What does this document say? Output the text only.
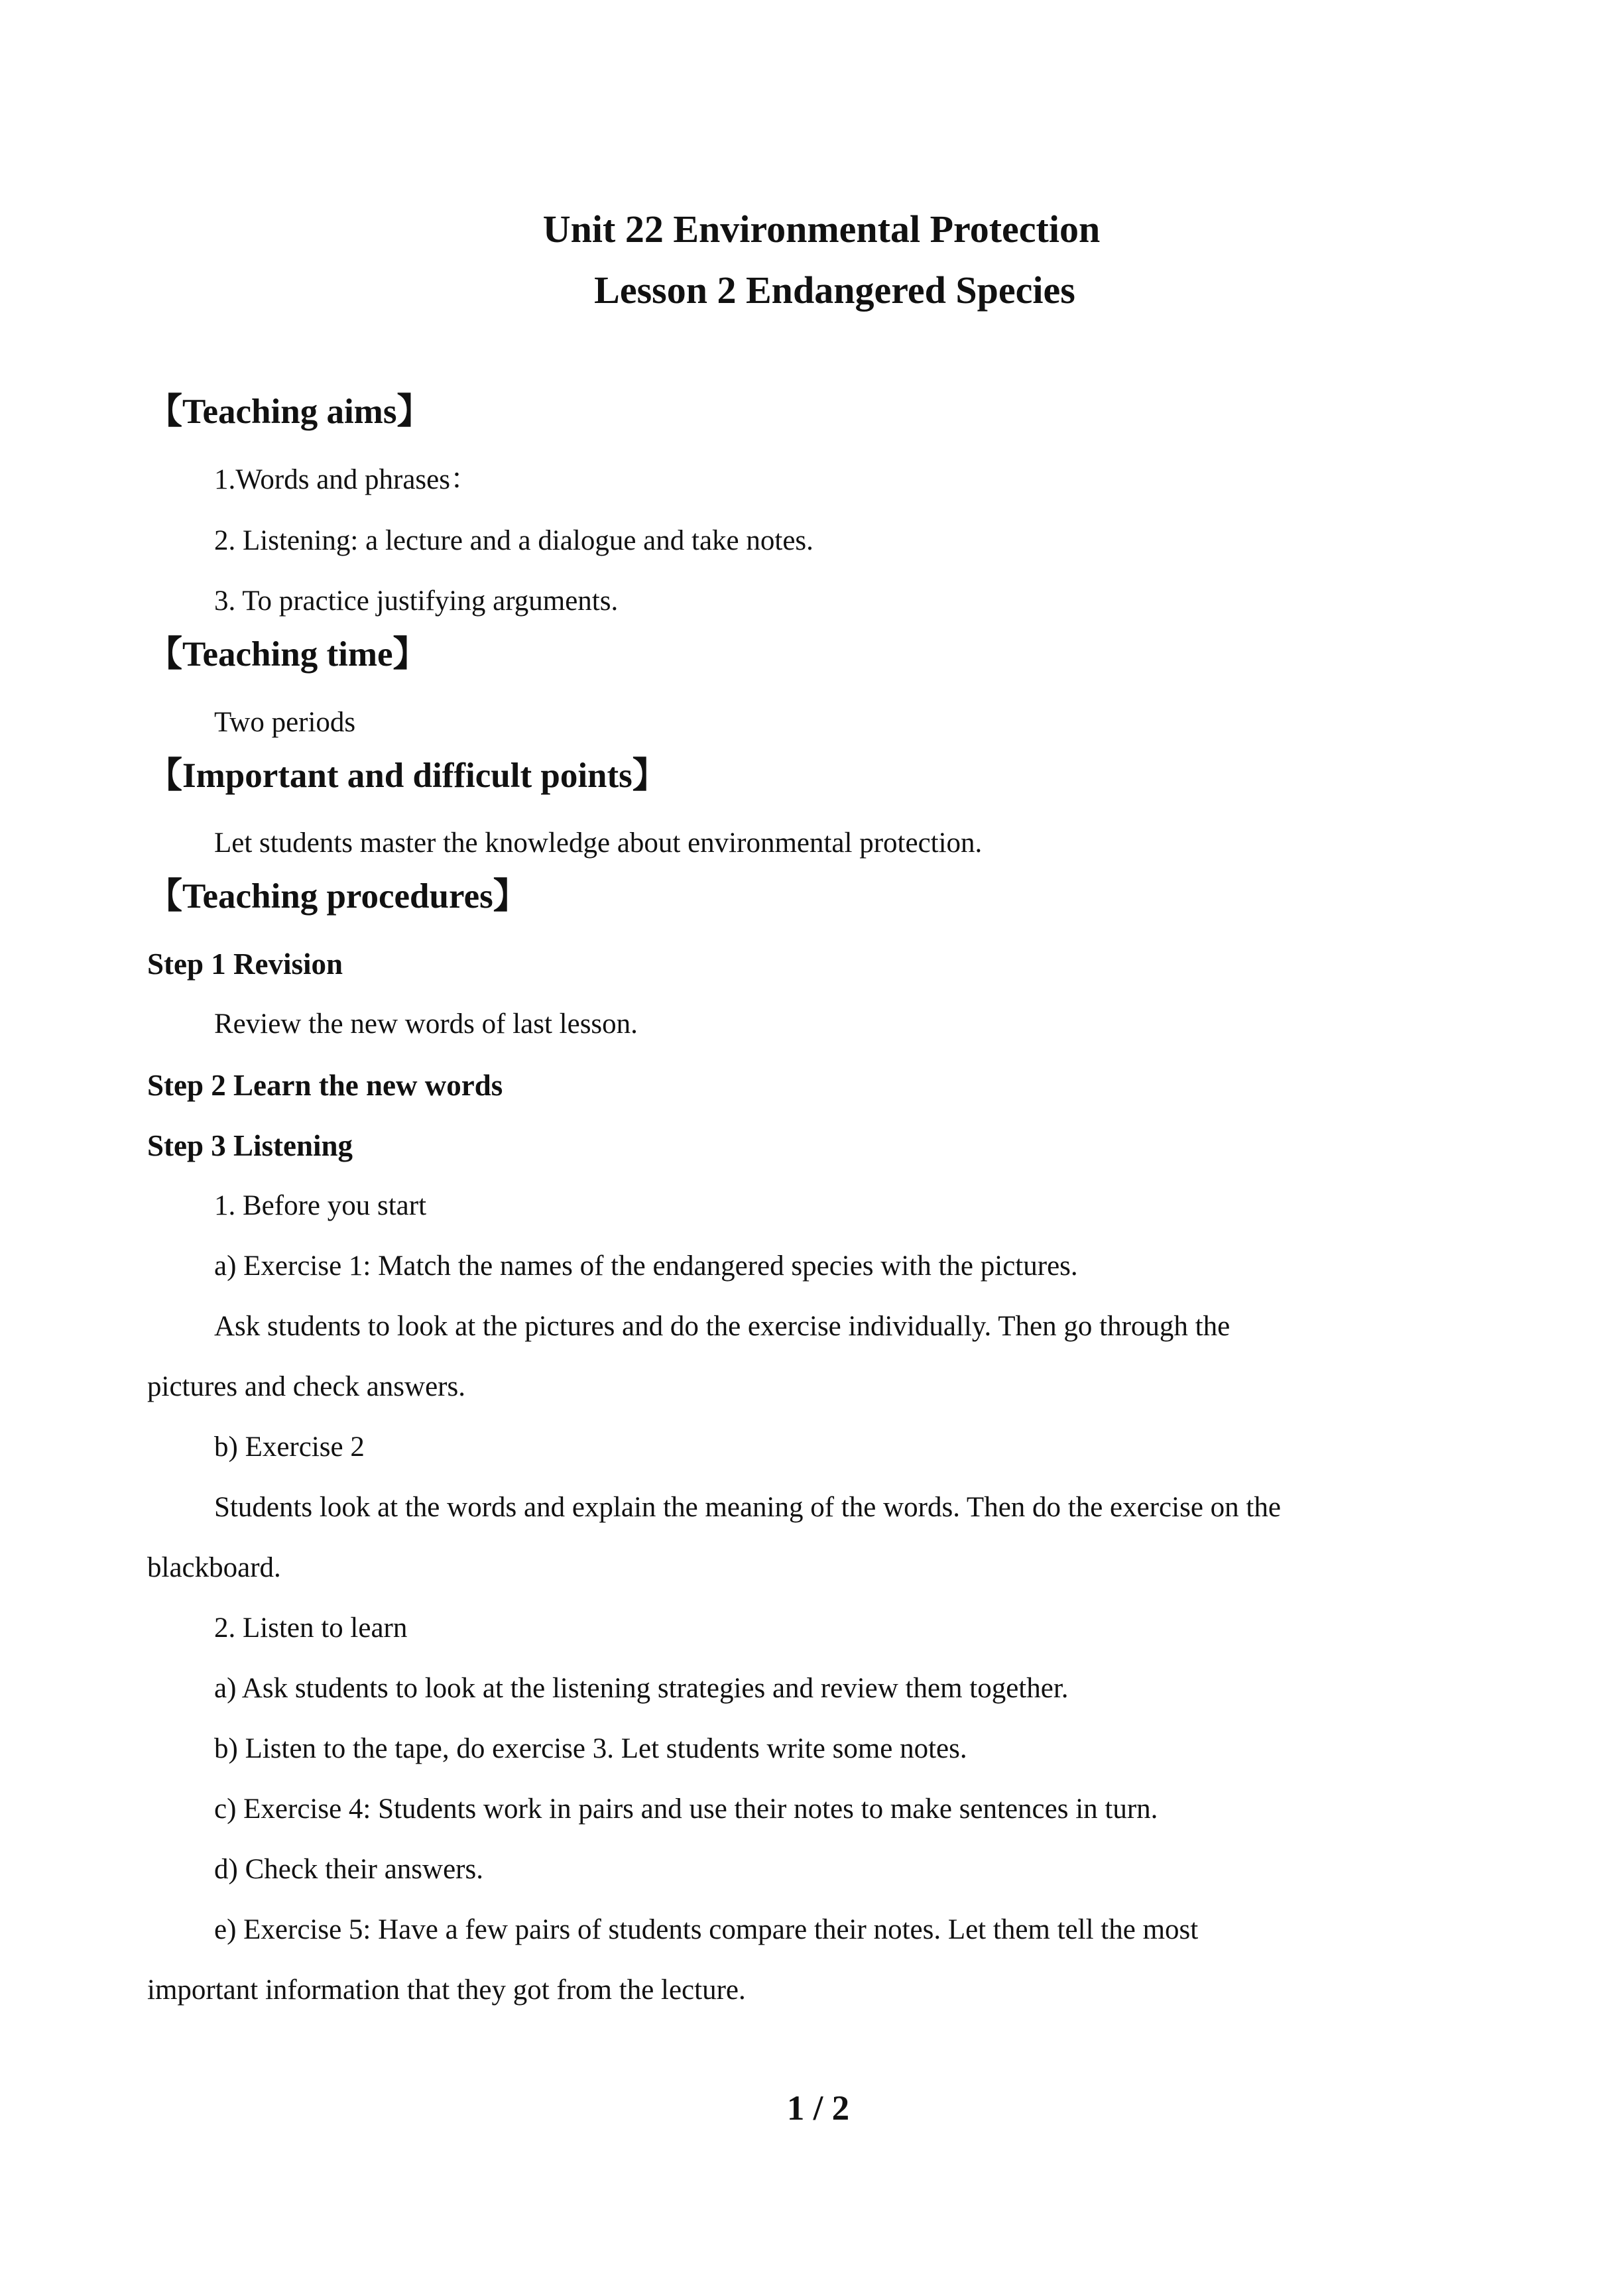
Unit 22 Environmental Protection
Lesson 2 Endangered Species
【Teaching aims】
1.Words and phrases：
2. Listening: a lecture and a dialogue and take notes.
3. To practice justifying arguments.
【Teaching time】
Two periods
【Important and difficult points】
Let students master the knowledge about environmental protection.
【Teaching procedures】
Step 1 Revision
Review the new words of last lesson.
Step 2 Learn the new words
Step 3 Listening
1. Before you start
a) Exercise 1: Match the names of the endangered species with the pictures.
Ask students to look at the pictures and do the exercise individually. Then go through the
pictures and check answers.
b) Exercise 2
Students look at the words and explain the meaning of the words. Then do the exercise on the
blackboard.
2. Listen to learn
a) Ask students to look at the listening strategies and review them together.
b) Listen to the tape, do exercise 3. Let students write some notes.
c) Exercise 4: Students work in pairs and use their notes to make sentences in turn.
d) Check their answers.
e) Exercise 5: Have a few pairs of students compare their notes. Let them tell the most
important information that they got from the lecture.
1 / 2
